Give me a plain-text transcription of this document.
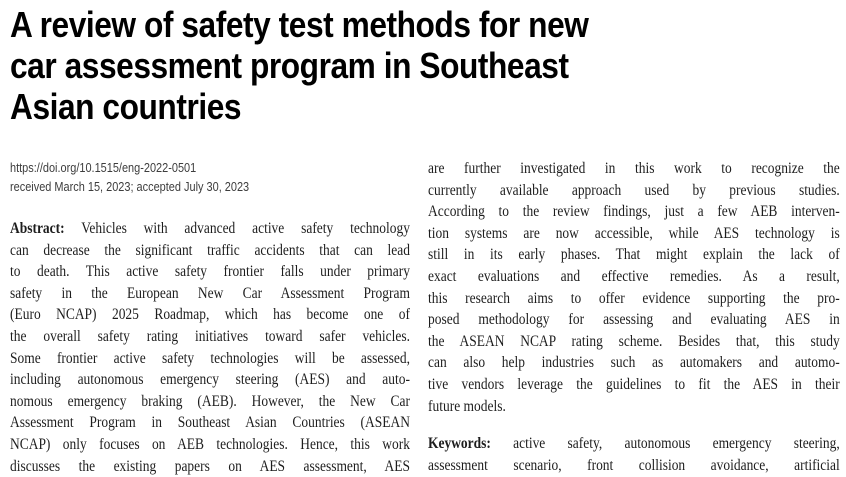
A review of safety test methods for new
car assessment program in Southeast
Asian countries
https://doi.org/10.1515/eng-2022-0501
received March 15, 2023; accepted July 30, 2023
Abstract: Vehicles with advanced active safety technology
can decrease the significant traffic accidents that can lead
to death. This active safety frontier falls under primary
safety in the European New Car Assessment Program
(Euro NCAP) 2025 Roadmap, which has become one of
the overall safety rating initiatives toward safer vehicles.
Some frontier active safety technologies will be assessed,
including autonomous emergency steering (AES) and auto-
nomous emergency braking (AEB). However, the New Car
Assessment Program in Southeast Asian Countries (ASEAN
NCAP) only focuses on AEB technologies. Hence, this work
discusses the existing papers on AES assessment, AES
are further investigated in this work to recognize the
currently available approach used by previous studies.
According to the review findings, just a few AEB interven-
tion systems are now accessible, while AES technology is
still in its early phases. That might explain the lack of
exact evaluations and effective remedies. As a result,
this research aims to offer evidence supporting the pro-
posed methodology for assessing and evaluating AES in
the ASEAN NCAP rating scheme. Besides that, this study
can also help industries such as automakers and automo-
tive vendors leverage the guidelines to fit the AES in their
future models.
Keywords: active safety, autonomous emergency steering,
assessment scenario, front collision avoidance, artificial
